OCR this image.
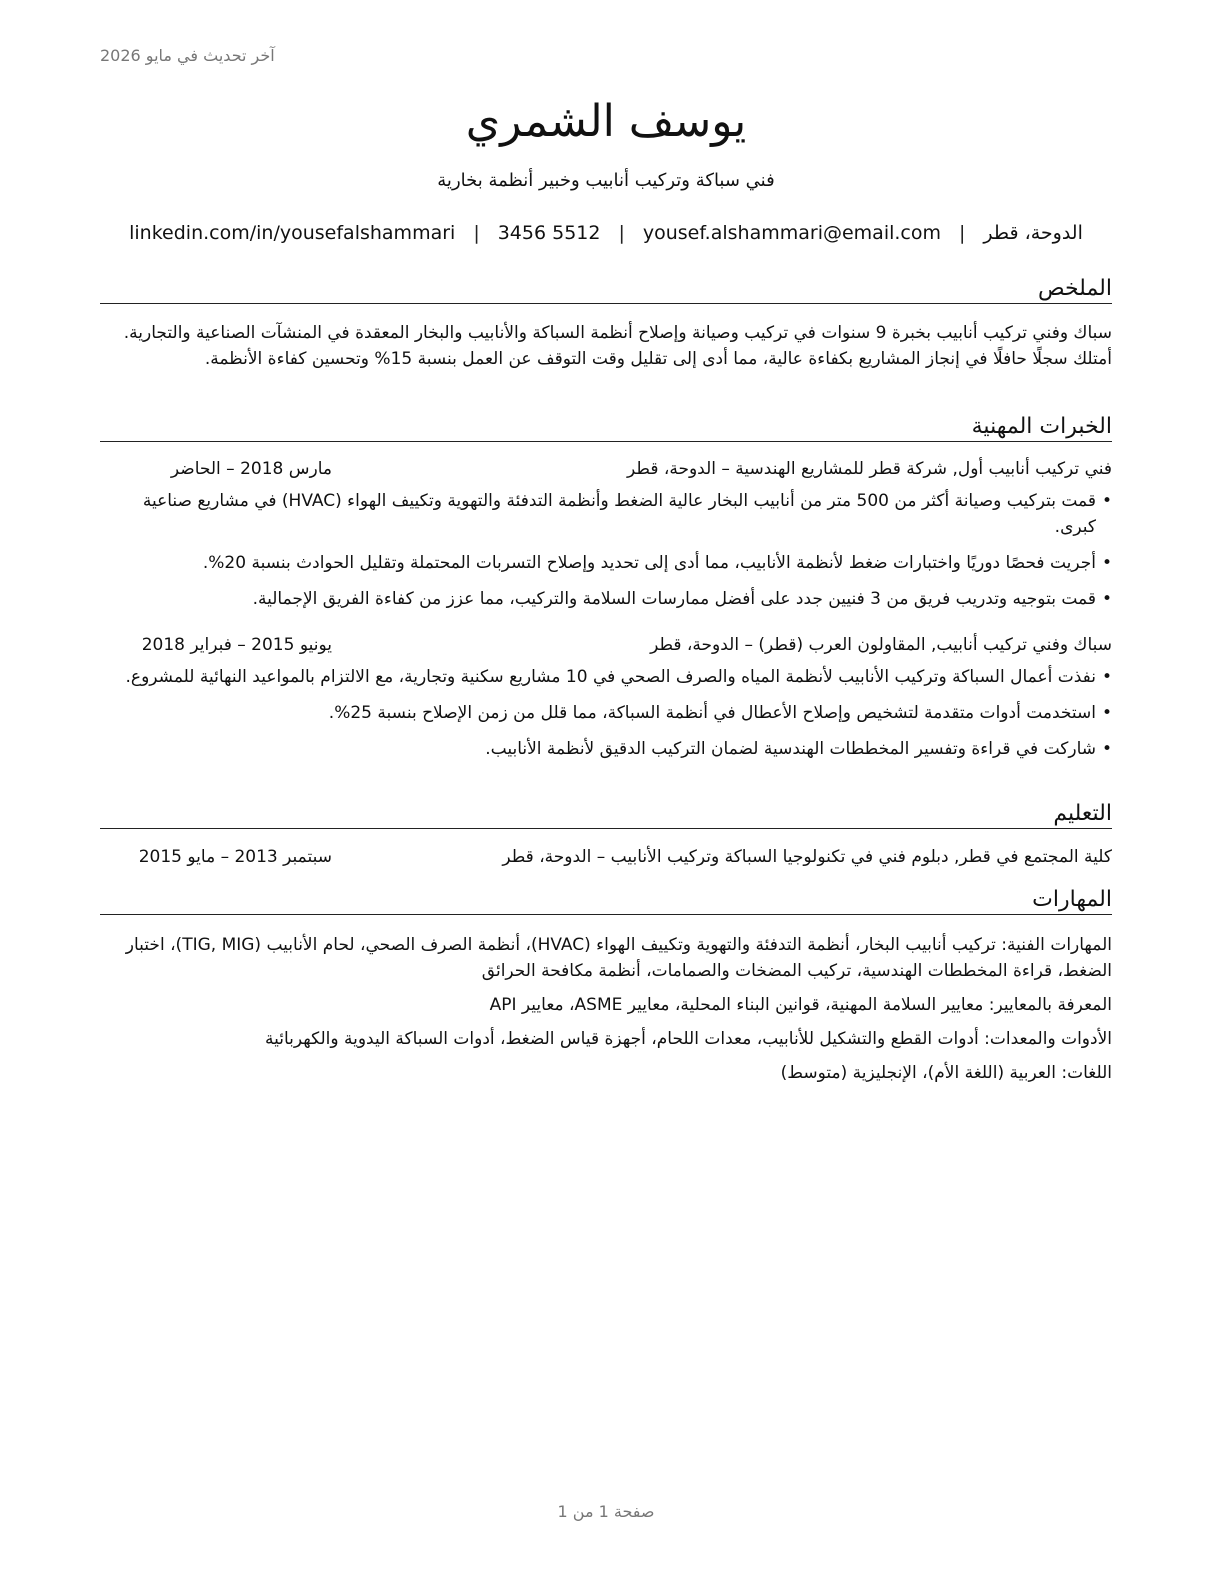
آخر تحديث في مايو 2026
يوسف الشمري
فني سباكة وتركيب أنابيب وخبير أنظمة بخارية
الدوحة، قطر
|
yousef.alshammari@email.com
|
3456 5512
|
linkedin.com/in/yousefalshammari
الملخص
سباك وفني تركيب أنابيب بخبرة 9 سنوات في تركيب وصيانة وإصلاح أنظمة السباكة والأنابيب والبخار المعقدة في المنشآت الصناعية والتجارية. أمتلك سجلًا حافلًا في إنجاز المشاريع بكفاءة عالية، مما أدى إلى تقليل وقت التوقف عن العمل بنسبة 15% وتحسين كفاءة الأنظمة.
الخبرات المهنية
فني تركيب أنابيب أول, شركة قطر للمشاريع الهندسية – الدوحة، قطر
مارس 2018 – الحاضر
• قمت بتركيب وصيانة أكثر من 500 متر من أنابيب البخار عالية الضغط وأنظمة التدفئة والتهوية وتكييف الهواء (HVAC) في مشاريع صناعية كبرى.
• أجريت فحصًا دوريًا واختبارات ضغط لأنظمة الأنابيب، مما أدى إلى تحديد وإصلاح التسربات المحتملة وتقليل الحوادث بنسبة 20%.
• قمت بتوجيه وتدريب فريق من 3 فنيين جدد على أفضل ممارسات السلامة والتركيب، مما عزز من كفاءة الفريق الإجمالية.
سباك وفني تركيب أنابيب, المقاولون العرب (قطر) – الدوحة، قطر
يونيو 2015 – فبراير 2018
• نفذت أعمال السباكة وتركيب الأنابيب لأنظمة المياه والصرف الصحي في 10 مشاريع سكنية وتجارية، مع الالتزام بالمواعيد النهائية للمشروع.
• استخدمت أدوات متقدمة لتشخيص وإصلاح الأعطال في أنظمة السباكة، مما قلل من زمن الإصلاح بنسبة 25%.
• شاركت في قراءة وتفسير المخططات الهندسية لضمان التركيب الدقيق لأنظمة الأنابيب.
التعليم
كلية المجتمع في قطر, دبلوم فني في تكنولوجيا السباكة وتركيب الأنابيب – الدوحة، قطر
سبتمبر 2013 – مايو 2015
المهارات
المهارات الفنية: تركيب أنابيب البخار، أنظمة التدفئة والتهوية وتكييف الهواء (HVAC)، أنظمة الصرف الصحي، لحام الأنابيب (TIG, MIG)، اختبار الضغط، قراءة المخططات الهندسية، تركيب المضخات والصمامات، أنظمة مكافحة الحرائق
المعرفة بالمعايير: معايير السلامة المهنية، قوانين البناء المحلية، معايير ASME، معايير API
الأدوات والمعدات: أدوات القطع والتشكيل للأنابيب، معدات اللحام، أجهزة قياس الضغط، أدوات السباكة اليدوية والكهربائية
اللغات: العربية (اللغة الأم)، الإنجليزية (متوسط)
صفحة 1 من 1
